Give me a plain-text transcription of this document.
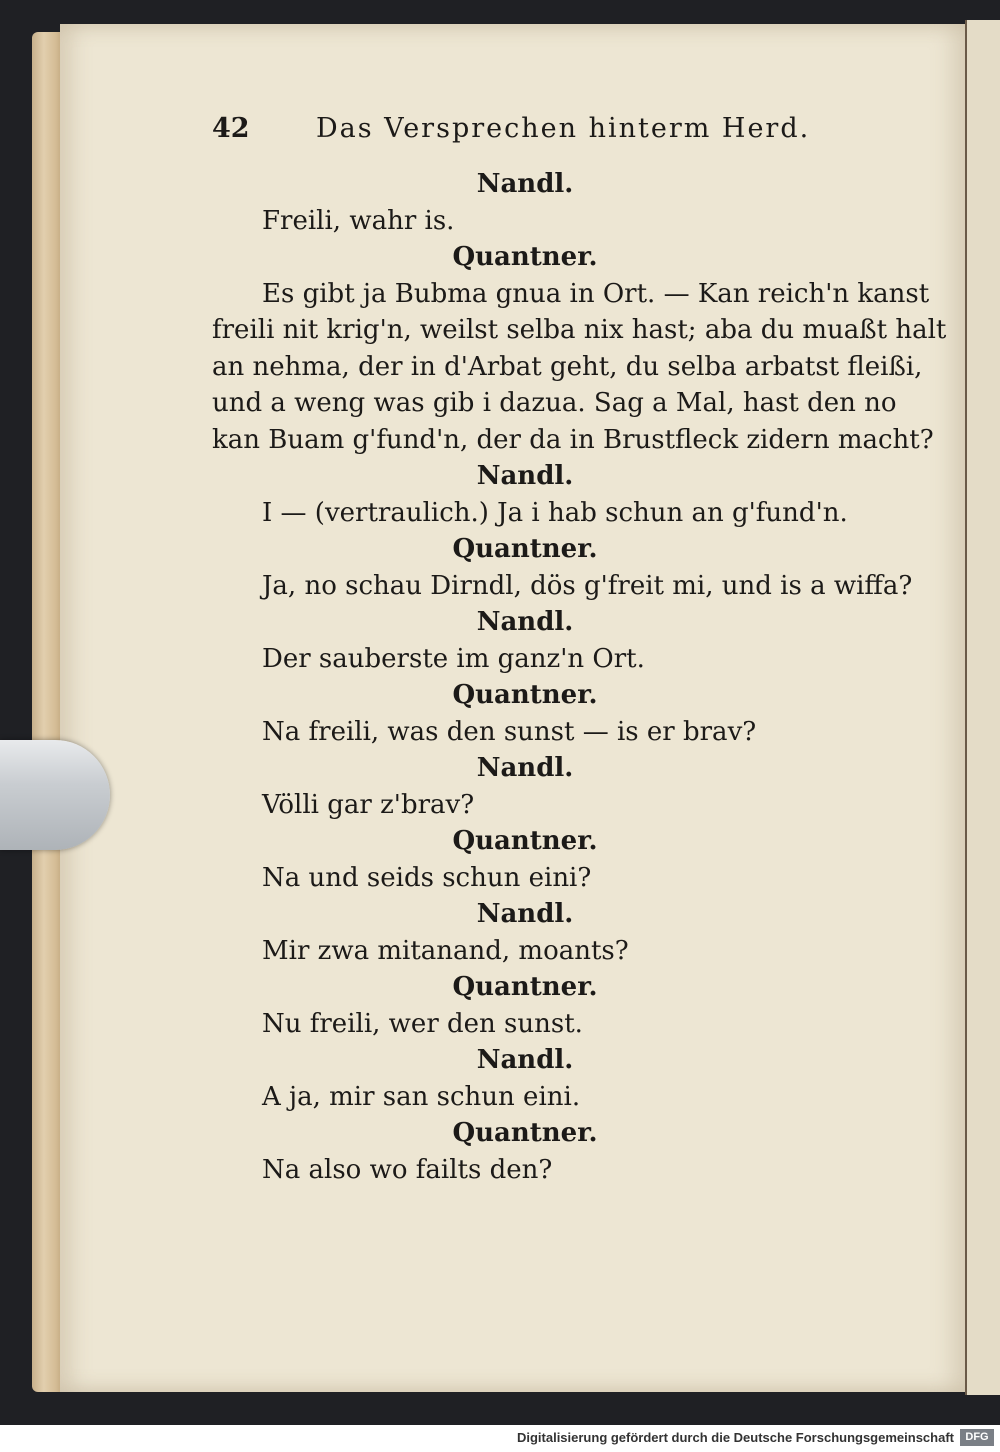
42 Das Versprechen hinterm Herd.
Nandl.
Freili, wahr is.
Quantner.
Es gibt ja Bubma gnua in Ort. — Kan reich'n kanst
freili nit krig'n, weilst selba nix hast; aba du muaßt halt
an nehma, der in d'Arbat geht, du selba arbatst fleißi,
und a weng was gib i dazua. Sag a Mal, hast den no
kan Buam g'fund'n, der da in Brustfleck zidern macht?
Nandl.
I — (vertraulich.) Ja i hab schun an g'fund'n.
Quantner.
Ja, no schau Dirndl, dös g'freit mi, und is a wiffa?
Nandl.
Der sauberste im ganz'n Ort.
Quantner.
Na freili, was den sunst — is er brav?
Nandl.
Völli gar z'brav?
Quantner.
Na und seids schun eini?
Nandl.
Mir zwa mitanand, moants?
Quantner.
Nu freili, wer den sunst.
Nandl.
A ja, mir san schun eini.
Quantner.
Na also wo failts den?
Digitalisierung gefördert durch die Deutsche Forschungsgemeinschaft	DFG
